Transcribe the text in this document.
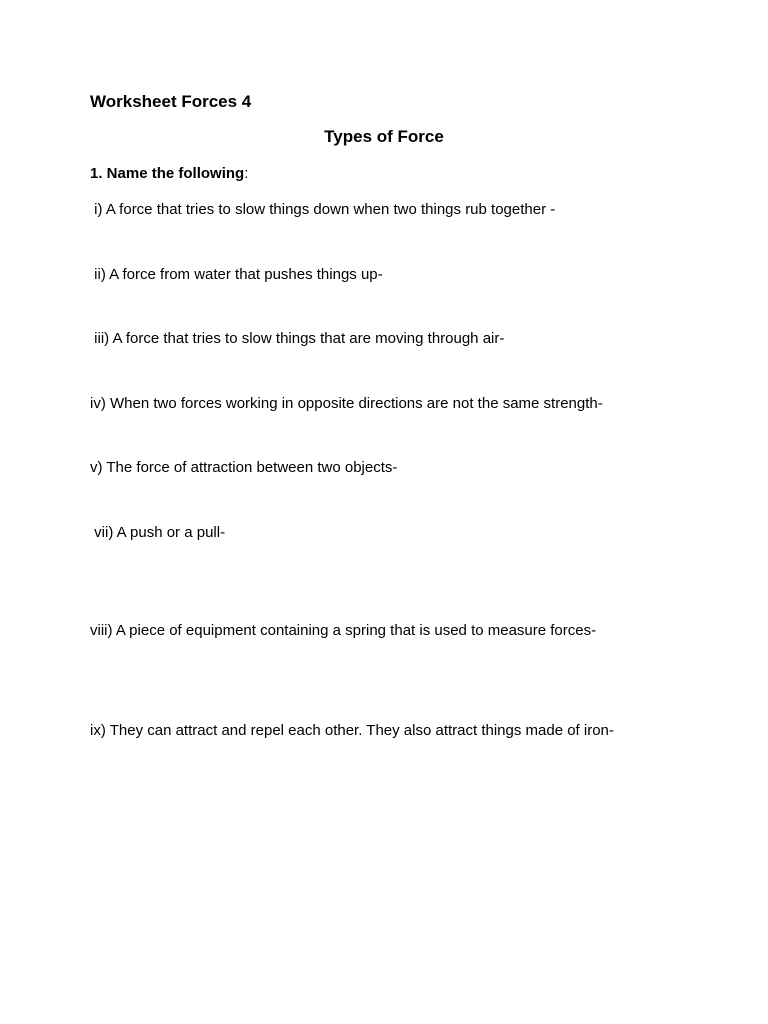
Worksheet Forces 4
Types of Force
1. Name the following:
i) A force that tries to slow things down when two things rub together -
ii) A force from water that pushes things up-
iii) A force that tries to slow things that are moving through air-
iv) When two forces working in opposite directions are not the same strength-
v) The force of attraction between two objects-
vii) A push or a pull-
viii) A piece of equipment containing a spring that is used to measure forces-
ix) They can attract and repel each other. They also attract things made of iron-
